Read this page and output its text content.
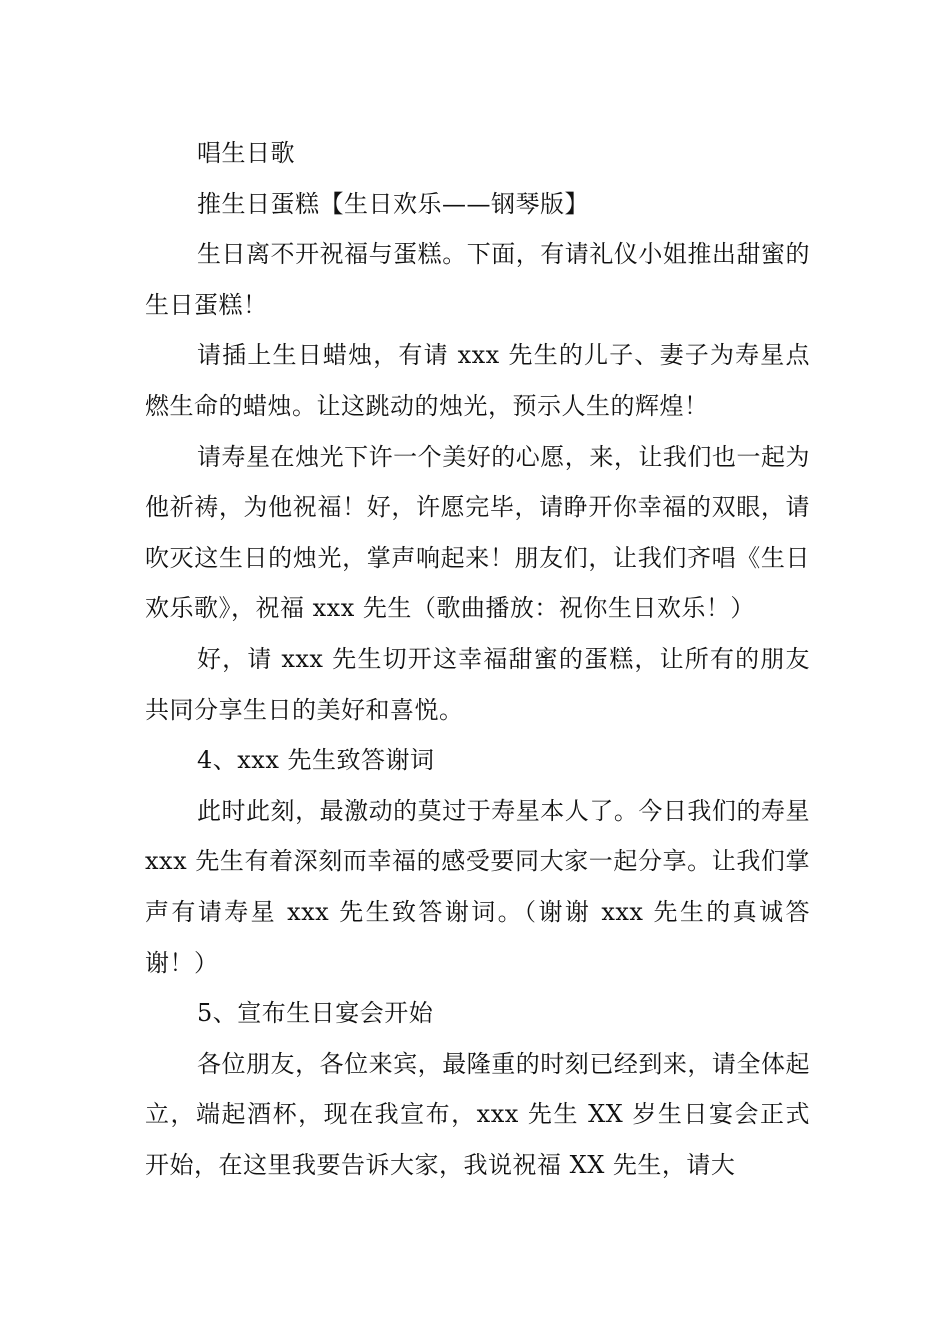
唱生日歌

推生日蛋糕【生日欢乐——钢琴版】

生日离不开祝福与蛋糕。下面，有请礼仪小姐推出甜蜜的生日蛋糕！

请插上生日蜡烛，有请 xxx 先生的儿子、妻子为寿星点燃生命的蜡烛。让这跳动的烛光，预示人生的辉煌！

请寿星在烛光下许一个美好的心愿，来，让我们也一起为他祈祷，为他祝福！好，许愿完毕，请睁开你幸福的双眼，请吹灭这生日的烛光，掌声响起来！朋友们，让我们齐唱《生日欢乐歌》，祝福 xxx 先生（歌曲播放：祝你生日欢乐！）

好，请 xxx 先生切开这幸福甜蜜的蛋糕，让所有的朋友共同分享生日的美好和喜悦。

4、xxx 先生致答谢词

此时此刻，最激动的莫过于寿星本人了。今日我们的寿星 xxx 先生有着深刻而幸福的感受要同大家一起分享。让我们掌声有请寿星 xxx 先生致答谢词。（谢谢 xxx 先生的真诚答谢！）

5、宣布生日宴会开始

各位朋友，各位来宾，最隆重的时刻已经到来，请全体起立，端起酒杯，现在我宣布，xxx 先生 XX 岁生日宴会正式开始，在这里我要告诉大家，我说祝福 XX 先生，请大
